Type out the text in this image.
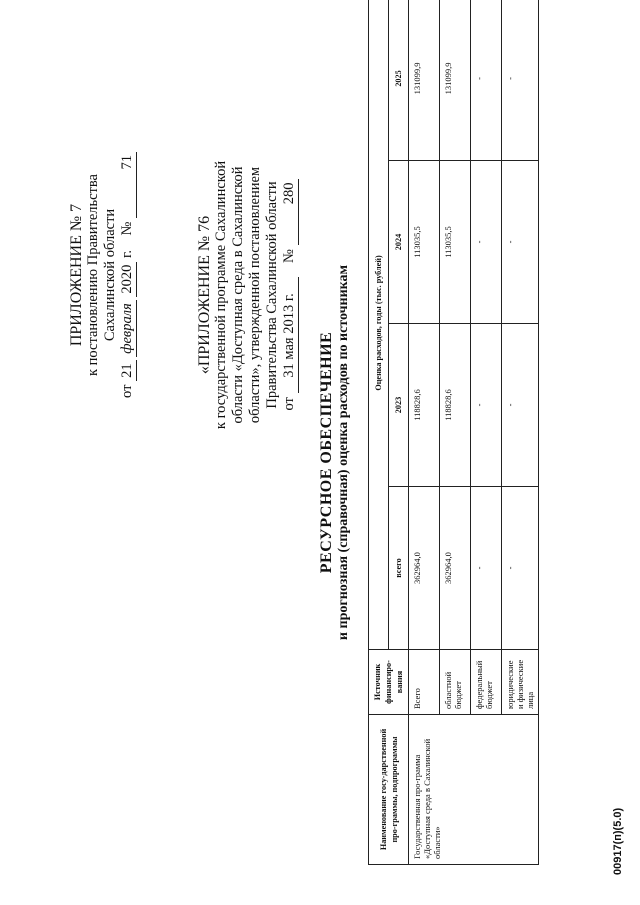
ПРИЛОЖЕНИЕ № 7 к постановлению Правительства Сахалинской области
от 21 февраля 2020 г.    № 71
«ПРИЛОЖЕНИЕ № 76 к государственной программе Сахалинской области «Доступная среда в Сахалинской области», утвержденной постановлением Правительства Сахалинской области от 31 мая 2013 г.    № 280
РЕСУРСНОЕ ОБЕСПЕЧЕНИЕ и прогнозная (справочная) оценка расходов по источникам
Наименование госу-дарственной про-граммы, подпрограммы	Источник финансиро-вания	Оценка расходов, годы (тыс. рублей)			
		всего	2023	2024	2025
Государственная про-грамма «Доступная среда в Сахалинской области»	Всего	362964,0	118828,6	113035,5	131099,9
	областной бюджет	362964,0	118828,6	113035,5	131099,9
	федеральный бюджет	-	-	-	-
	юридические и физические лица	-	-	-	-
00917(п)(5.0)
